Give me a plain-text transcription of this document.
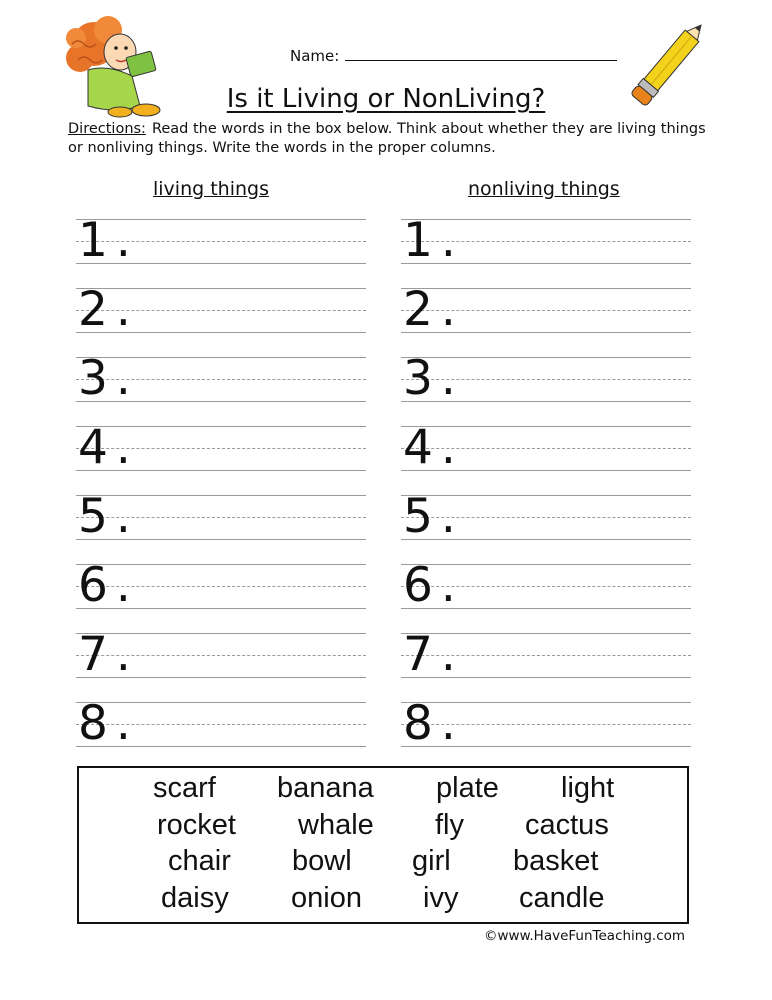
Name:
Is it Living or NonLiving?
Directions: Read the words in the box below. Think about whether they are living things or nonliving things. Write the words in the proper columns.
living things	nonliving things
1.
2.
3.
4.
5.
6.
7.
8.
1.
2.
3.
4.
5.
6.
7.
8.
scarf banana plate light
rocket whale fly cactus
chair bowl girl basket
daisy onion ivy candle
©www.HaveFunTeaching.com
